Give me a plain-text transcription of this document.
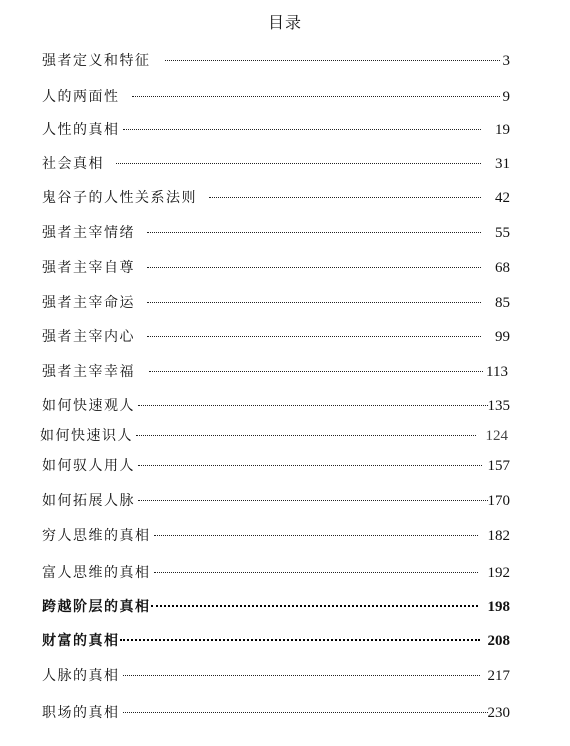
目录
强者定义和特征	3
人的两面性	9
人性的真相	19
社会真相	31
鬼谷子的人性关系法则	42
强者主宰情绪	55
强者主宰自尊	68
强者主宰命运	85
强者主宰内心	99
强者主宰幸福	113
如何快速观人	135
如何快速识人	124
如何驭人用人	157
如何拓展人脉	170
穷人思维的真相	182
富人思维的真相	192
跨越阶层的真相	198
财富的真相	208
人脉的真相	217
职场的真相	230
